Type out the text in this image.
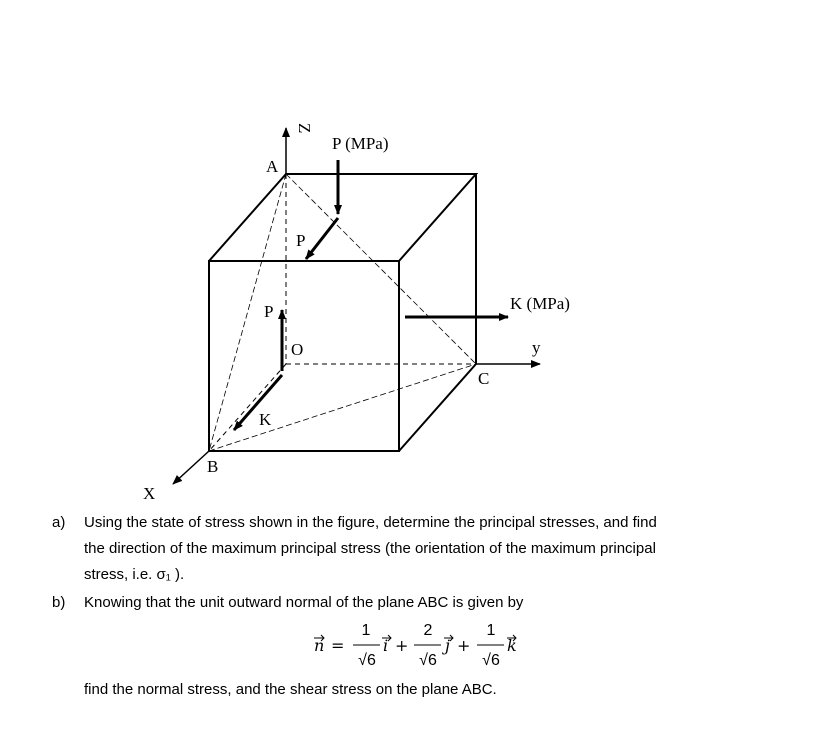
Z
A
P (MPa)
P
P
O
K (MPa)
y
C
K
B
X
a) Using the state of stress shown in the figure, determine the principal stresses, and find
the direction of the maximum principal stress (the orientation of the maximum principal
stress, i.e. σ₁ ).
b) Knowing that the unit outward normal of the plane ABC is given by
n =
1
√6
i +
2
√6
j +
1
√6
k
find the normal stress, and the shear stress on the plane ABC.
